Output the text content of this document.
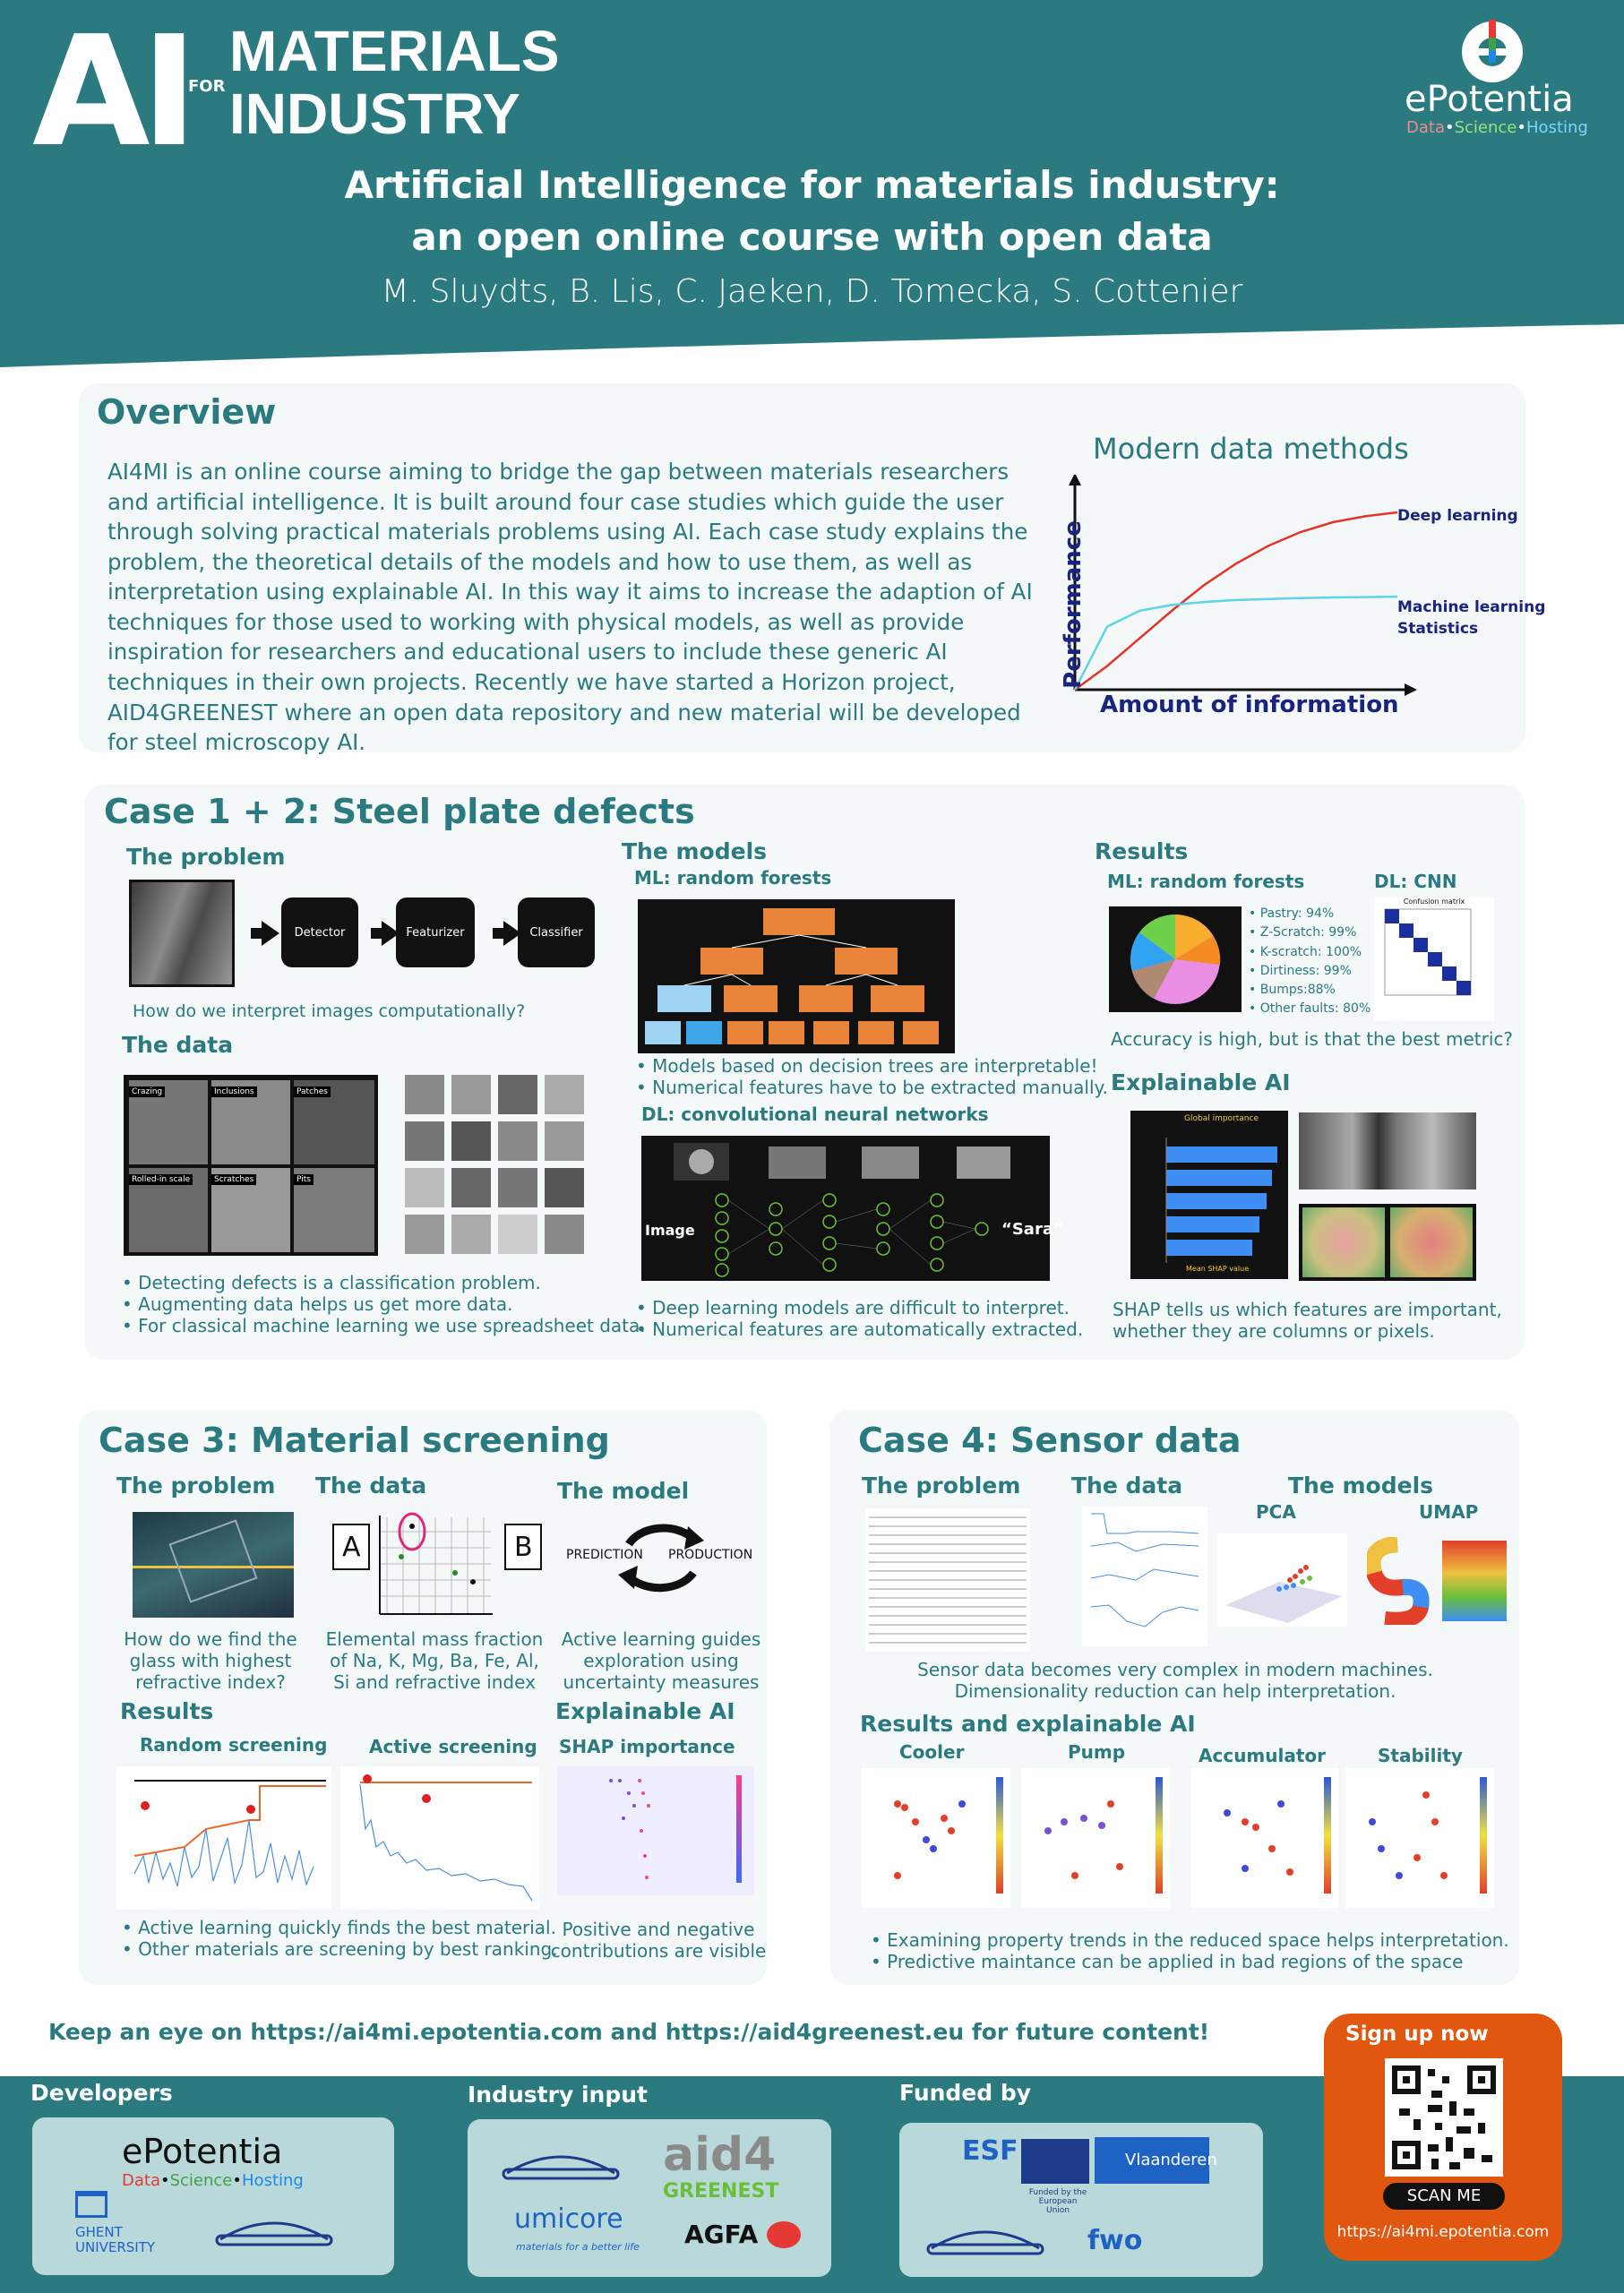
AI FOR
MATERIALS
INDUSTRY	ePotentia
Data•Science•Hosting
Artificial Intelligence for materials industry:
an open online course with open data
M. Sluydts, B. Lis, C. Jaeken, D. Tomecka, S. Cottenier
Overview
AI4MI is an online course aiming to bridge the gap between materials researchers and artificial intelligence. It is built around four case studies which guide the user through solving practical materials problems using AI. Each case study explains the problem, the theoretical details of the models and how to use them, as well as interpretation using explainable AI. In this way it aims to increase the adaption of AI techniques for those used to working with physical models, as well as provide inspiration for researchers and educational users to include these generic AI techniques in their own projects. Recently we have started a Horizon project, AID4GREENEST where an open data repository and new material will be developed for steel microscopy AI.
Modern data methods
Amount of information
Performance
Deep learning
Machine learning
Statistics
Case 1 + 2: Steel plate defects
The problem
Detector	Featurizer	Classifier
How do we interpret images computationally?
The data
Crazing	Inclusions	Patches
Rolled-in scale	Scratches	Pits
• Detecting defects is a classification problem.
• Augmenting data helps us get more data.
• For classical machine learning we use spreadsheet data.
The models
ML: random forests
• Models based on decision trees are interpretable!
• Numerical features have to be extracted manually.
DL: convolutional neural networks
Image	“Sara”
• Deep learning models are difficult to interpret.
• Numerical features are automatically extracted.
Results
ML: random forests	DL: CNN
• Pastry: 94%
• Z-Scratch: 99%
• K-scratch: 100%
• Dirtiness: 99%
• Bumps:88%
• Other faults: 80%
Confusion matrix
Accuracy is high, but is that the best metric?
Explainable AI
Global importance
Mean SHAP value
SHAP tells us which features are important,
whether they are columns or pixels.
Case 3: Material screening
The problem The data	The model
A	B	PREDICTION PRODUCTION
How do we find the glass with highest refractive index?
Elemental mass fraction of Na, K, Mg, Ba, Fe, Al, Si and refractive index
Active learning guides exploration using uncertainty measures
Results
Random screening Active screening
Explainable AI
SHAP importance
• Active learning quickly finds the best material.
• Other materials are screening by best ranking.
Positive and negative contributions are visible
Case 4: Sensor data
The problem The data	The models
PCA	UMAP
Sensor data becomes very complex in modern machines.
Dimensionality reduction can help interpretation.
Results and explainable AI
Cooler	Pump	Accumulator	Stability
• Examining property trends in the reduced space helps interpretation.
• Predictive maintance can be applied in bad regions of the space
Keep an eye on https://ai4mi.epotentia.com and https://aid4greenest.eu for future content!
Developers	Industry input	Funded by
ePotentia
Data•Science•Hosting
GHENT
UNIVERSITY
aid4
GREENEST
umicore
materials for a better life AGFA
ESF
Funded by the European Union
Vlaanderen
fwo
Sign up now
SCAN ME
https://ai4mi.epotentia.com
